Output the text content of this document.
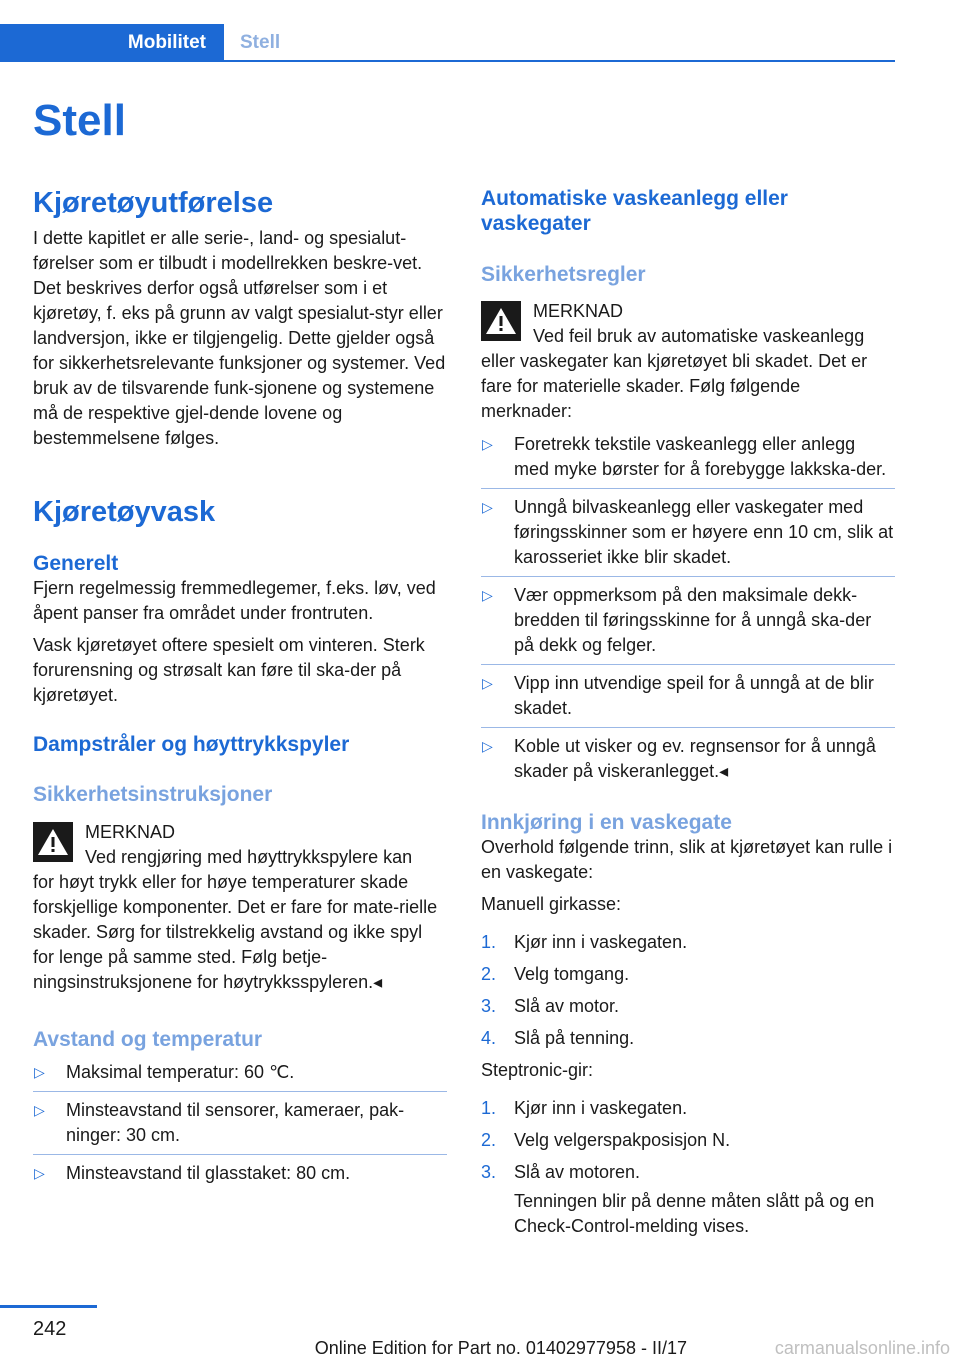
Mobilitet	Stell
Stell
Kjøretøyutførelse
I dette kapitlet er alle serie-, land- og spesialut-førelser som er tilbudt i modellrekken beskre-vet. Det beskrives derfor også utførelser som i et kjøretøy, f. eks på grunn av valgt spesialut-styr eller landversjon, ikke er tilgjengelig. Dette gjelder også for sikkerhetsrelevante funksjoner og systemer. Ved bruk av de tilsvarende funk-sjonene og systemene må de respektive gjel-dende lovene og bestemmelsene følges.
Kjøretøyvask
Generelt
Fjern regelmessig fremmedlegemer, f.eks. løv, ved åpent panser fra området under frontruten.
Vask kjøretøyet oftere spesielt om vinteren. Sterk forurensning og strøsalt kan føre til ska-der på kjøretøyet.
Dampstråler og høyttrykkspyler
Sikkerhetsinstruksjoner
MERKNAD
Ved rengjøring med høyttrykkspylere kan
for høyt trykk eller for høye temperaturer skade forskjellige komponenter. Det er fare for mate-rielle skader. Sørg for tilstrekkelig avstand og ikke spyl for lenge på samme sted. Følg betje-ningsinstruksjonene for høytrykksspyleren.◂
Avstand og temperatur
▷ Maksimal temperatur: 60 ℃.
▷ Minsteavstand til sensorer, kameraer, pak-ninger: 30 cm.
▷ Minsteavstand til glasstaket: 80 cm.
Automatiske vaskeanlegg eller vaskegater
Sikkerhetsregler
MERKNAD
Ved feil bruk av automatiske vaskeanlegg
eller vaskegater kan kjøretøyet bli skadet. Det er fare for materielle skader. Følg følgende merknader:
▷ Foretrekk tekstile vaskeanlegg eller anlegg med myke børster for å forebygge lakkska-der.
▷ Unngå bilvaskeanlegg eller vaskegater med føringsskinner som er høyere enn 10 cm, slik at karosseriet ikke blir skadet.
▷ Vær oppmerksom på den maksimale dekk-bredden til føringsskinne for å unngå ska-der på dekk og felger.
▷ Vipp inn utvendige speil for å unngå at de blir skadet.
▷ Koble ut visker og ev. regnsensor for å unngå skader på viskeranlegget.◂
Innkjøring i en vaskegate
Overhold følgende trinn, slik at kjøretøyet kan rulle i en vaskegate:
Manuell girkasse:
1. Kjør inn i vaskegaten.
2. Velg tomgang.
3. Slå av motor.
4. Slå på tenning.
Steptronic-gir:
1. Kjør inn i vaskegaten.
2. Velg velgerspakposisjon N.
3. Slå av motoren.
Tenningen blir på denne måten slått på og en Check-Control-melding vises.
242
Online Edition for Part no. 01402977958 - II/17	carmanualsonline.info
